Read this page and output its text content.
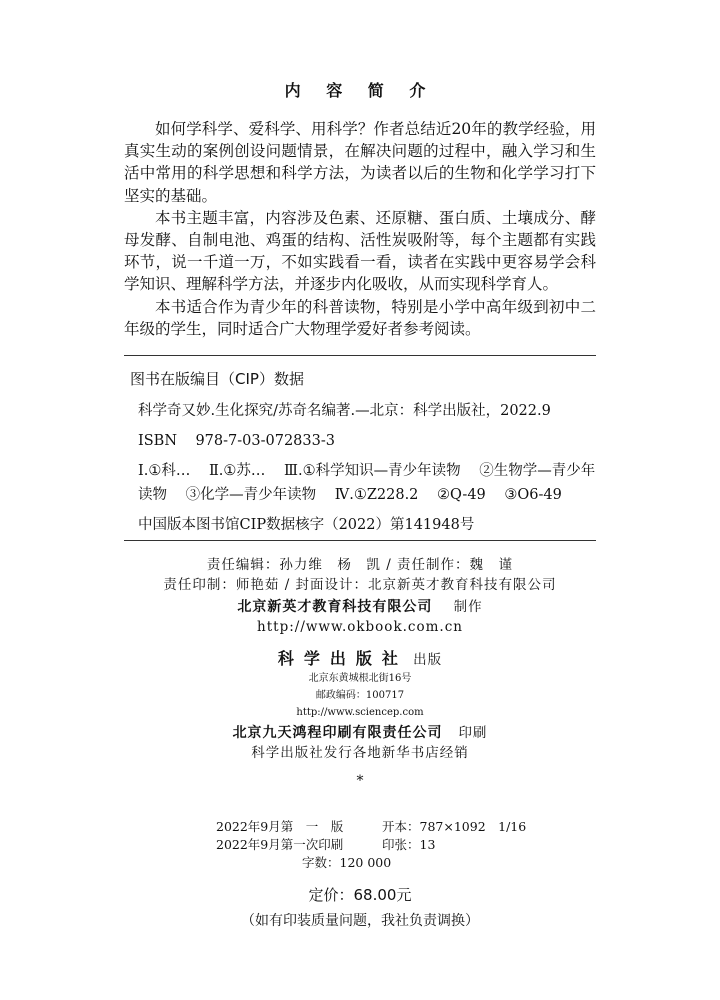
内 容 简 介

如何学科学、爱科学、用科学？作者总结近20年的教学经验，用真实生动的案例创设问题情景，在解决问题的过程中，融入学习和生活中常用的科学思想和科学方法，为读者以后的生物和化学学习打下坚实的基础。

本书主题丰富，内容涉及色素、还原糖、蛋白质、土壤成分、酵母发酵、自制电池、鸡蛋的结构、活性炭吸附等，每个主题都有实践环节，说一千道一万，不如实践看一看，读者在实践中更容易学会科学知识、理解科学方法，并逐步内化吸收，从而实现科学育人。

本书适合作为青少年的科普读物，特别是小学中高年级到初中二年级的学生，同时适合广大物理学爱好者参考阅读。

图书在版编目（CIP）数据
科学奇又妙.生化探究/苏奇名编著.—北京：科学出版社，2022.9
ISBN 978-7-03-072833-3
Ⅰ.①科… Ⅱ.①苏… Ⅲ.①科学知识—青少年读物 ②生物学—青少年读物 ③化学—青少年读物 Ⅳ.①Z228.2 ②Q-49 ③O6-49
中国版本图书馆CIP数据核字（2022）第141948号
责任编辑：孙力维　杨　凯 / 责任制作：魏　谨
责任印制：师艳茹 / 封面设计：北京新英才教育科技有限公司
北京新英才教育科技有限公司 制作
http://www.okbook.com.cn
科学出版社 出版
北京东黄城根北街16号
邮政编码：100717
http://www.sciencep.com
北京九天鸿程印刷有限责任公司 印刷
科学出版社发行各地新华书店经销
*
2022年9月第　一　版	开本：787×1092　1/16
2022年9月第一次印刷	印张：13
字数：120 000
定价：68.00元
（如有印装质量问题，我社负责调换）
